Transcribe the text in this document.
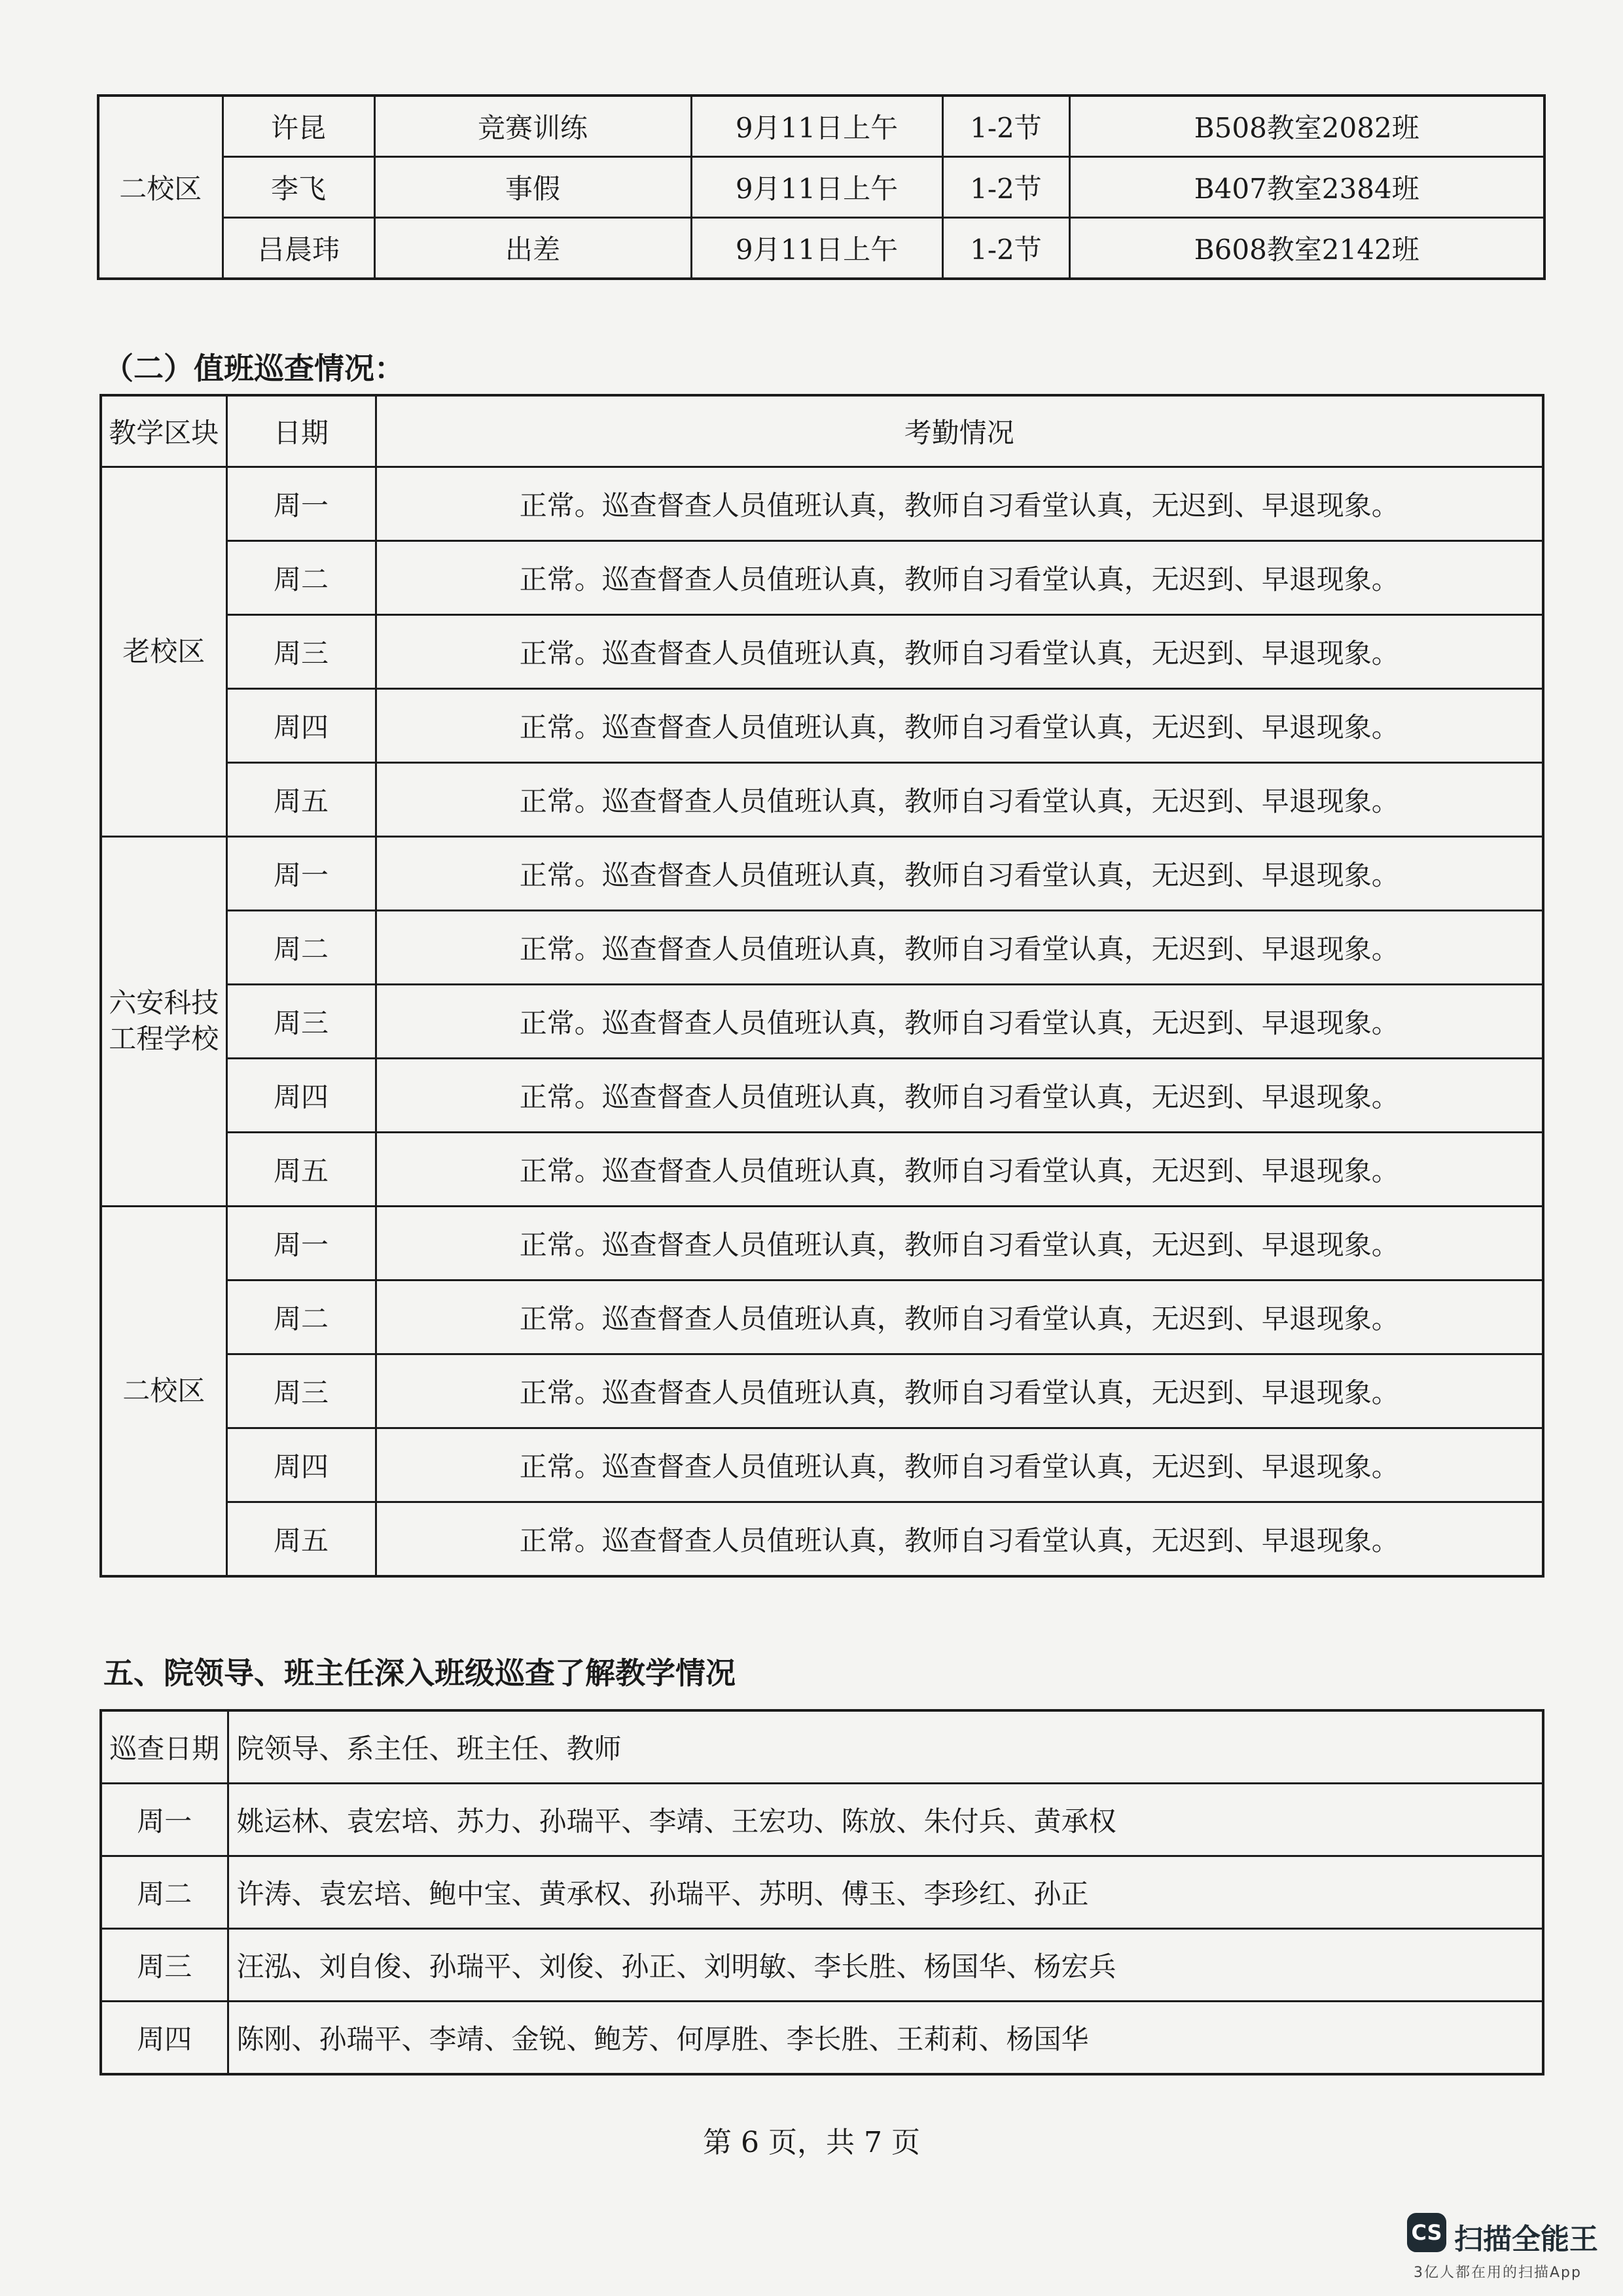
二校区	许昆	竞赛训练	9月11日上午	1-2节	B508教室2082班
	李飞	事假	9月11日上午	1-2节	B407教室2384班
	吕晨玮	出差	9月11日上午	1-2节	B608教室2142班
（二）值班巡查情况：
教学区块	日期	考勤情况
老校区	周一	正常。巡查督查人员值班认真，教师自习看堂认真，无迟到、早退现象。
	周二	正常。巡查督查人员值班认真，教师自习看堂认真，无迟到、早退现象。
	周三	正常。巡查督查人员值班认真，教师自习看堂认真，无迟到、早退现象。
	周四	正常。巡查督查人员值班认真，教师自习看堂认真，无迟到、早退现象。
	周五	正常。巡查督查人员值班认真，教师自习看堂认真，无迟到、早退现象。

六安科技
工程学校	周一	正常。巡查督查人员值班认真，教师自习看堂认真，无迟到、早退现象。
	周二	正常。巡查督查人员值班认真，教师自习看堂认真，无迟到、早退现象。
	周三	正常。巡查督查人员值班认真，教师自习看堂认真，无迟到、早退现象。
	周四	正常。巡查督查人员值班认真，教师自习看堂认真，无迟到、早退现象。
	周五	正常。巡查督查人员值班认真，教师自习看堂认真，无迟到、早退现象。
二校区	周一	正常。巡查督查人员值班认真，教师自习看堂认真，无迟到、早退现象。
	周二	正常。巡查督查人员值班认真，教师自习看堂认真，无迟到、早退现象。
	周三	正常。巡查督查人员值班认真，教师自习看堂认真，无迟到、早退现象。
	周四	正常。巡查督查人员值班认真，教师自习看堂认真，无迟到、早退现象。
	周五	正常。巡查督查人员值班认真，教师自习看堂认真，无迟到、早退现象。
五、院领导、班主任深入班级巡查了解教学情况
巡查日期	院领导、系主任、班主任、教师
周一	姚运林、袁宏培、苏力、孙瑞平、李靖、王宏功、陈放、朱付兵、黄承权
周二	许涛、袁宏培、鲍中宝、黄承权、孙瑞平、苏明、傅玉、李珍红、孙正
周三	汪泓、刘自俊、孙瑞平、刘俊、孙正、刘明敏、李长胜、杨国华、杨宏兵
周四	陈刚、孙瑞平、李靖、金锐、鲍芳、何厚胜、李长胜、王莉莉、杨国华
第 6 页，共 7 页
CS 扫描全能王
3亿人都在用的扫描App
